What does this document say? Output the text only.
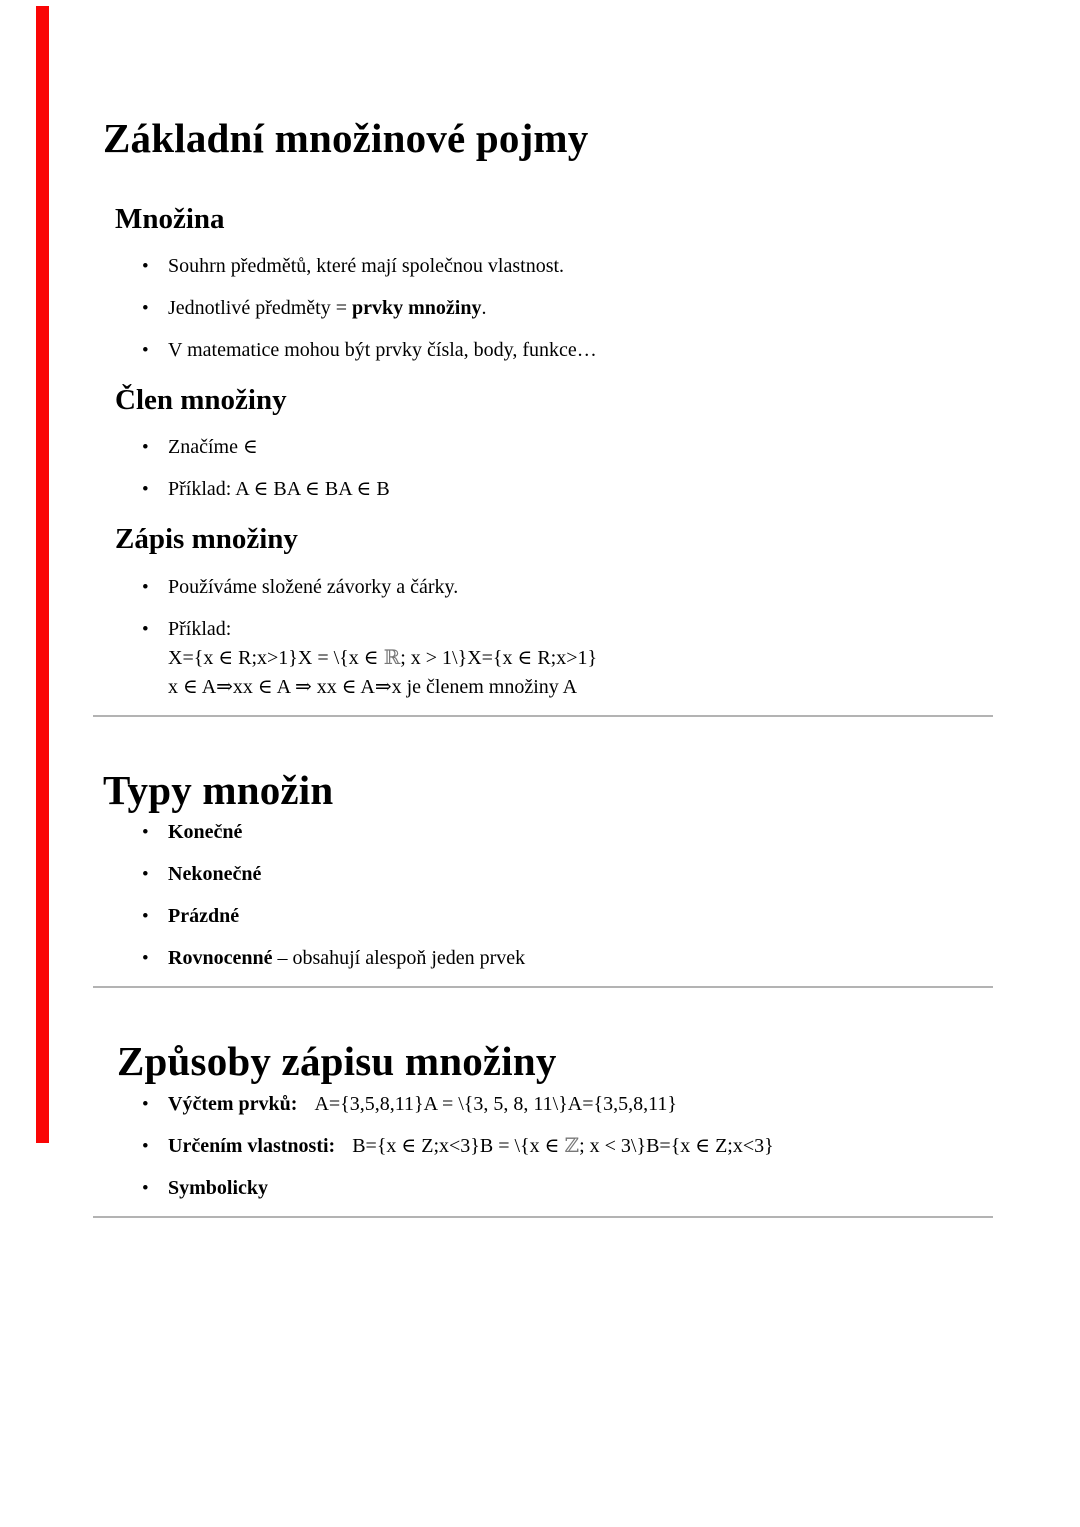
Základní množinové pojmy
Množina
• Souhrn předmětů, které mají společnou vlastnost.
• Jednotlivé předměty = prvky množiny.
• V matematice mohou být prvky čísla, body, funkce…
Člen množiny
• Značíme ∈
• Příklad: A ∈ BA ∈ BA ∈ B
Zápis množiny
• Používáme složené závorky a čárky.
• Příklad:
X={x ∈ R;x>1}X = \{x ∈ ℝ; x > 1\}X={x ∈ R;x>1}
x ∈ A⇒xx ∈ A ⇒ xx ∈ A⇒x je členem množiny A
Typy množin
• Konečné
• Nekonečné
• Prázdné
• Rovnocenné – obsahují alespoň jeden prvek
Způsoby zápisu množiny
• Výčtem prvků: A={3,5,8,11}A = \{3, 5, 8, 11\}A={3,5,8,11}
• Určením vlastnosti: B={x ∈ Z;x<3}B = \{x ∈ ℤ; x < 3\}B={x ∈ Z;x<3}
• Symbolicky
